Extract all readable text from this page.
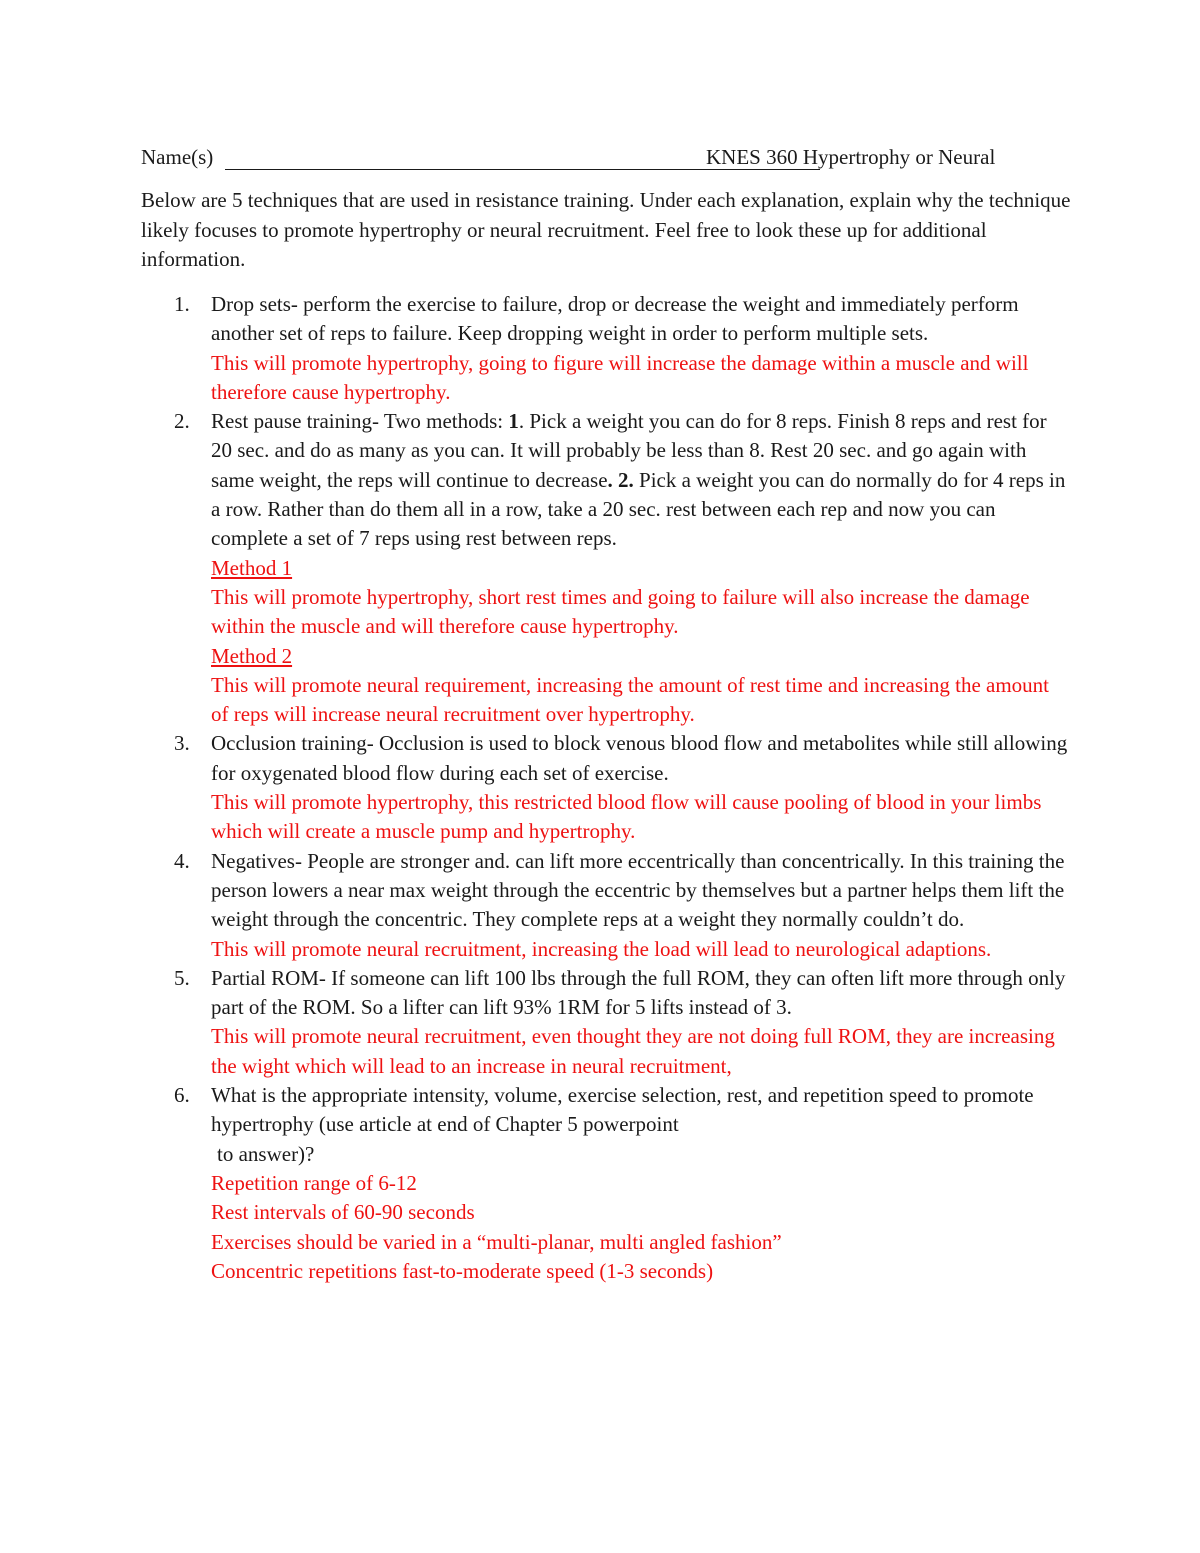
Name(s)	KNES 360 Hypertrophy or Neural

Below are 5 techniques that are used in resistance training. Under each explanation, explain why the technique likely focuses to promote hypertrophy or neural recruitment. Feel free to look these up for additional information.

1. Drop sets- perform the exercise to failure, drop or decrease the weight and immediately perform another set of reps to failure. Keep dropping weight in order to perform multiple sets.
This will promote hypertrophy, going to figure will increase the damage within a muscle and will therefore cause hypertrophy.
2. Rest pause training- Two methods: 1. Pick a weight you can do for 8 reps. Finish 8 reps and rest for 20 sec. and do as many as you can. It will probably be less than 8. Rest 20 sec. and go again with same weight, the reps will continue to decrease. 2. Pick a weight you can do normally do for 4 reps in a row. Rather than do them all in a row, take a 20 sec. rest between each rep and now you can complete a set of 7 reps using rest between reps.
Method 1
This will promote hypertrophy, short rest times and going to failure will also increase the damage within the muscle and will therefore cause hypertrophy.
Method 2
This will promote neural requirement, increasing the amount of rest time and increasing the amount of reps will increase neural recruitment over hypertrophy.
3. Occlusion training- Occlusion is used to block venous blood flow and metabolites while still allowing for oxygenated blood flow during each set of exercise.
This will promote hypertrophy, this restricted blood flow will cause pooling of blood in your limbs which will create a muscle pump and hypertrophy.
4. Negatives- People are stronger and. can lift more eccentrically than concentrically. In this training the person lowers a near max weight through the eccentric by themselves but a partner helps them lift the weight through the concentric. They complete reps at a weight they normally couldn’t do.
This will promote neural recruitment, increasing the load will lead to neurological adaptions.
5. Partial ROM- If someone can lift 100 lbs through the full ROM, they can often lift more through only part of the ROM. So a lifter can lift 93% 1RM for 5 lifts instead of 3.
This will promote neural recruitment, even thought they are not doing full ROM, they are increasing the wight which will lead to an increase in neural recruitment,
6. What is the appropriate intensity, volume, exercise selection, rest, and repetition speed to promote hypertrophy (use article at end of Chapter 5 powerpoint
to answer)?
Repetition range of 6-12
Rest intervals of 60-90 seconds
Exercises should be varied in a “multi-planar, multi angled fashion”
Concentric repetitions fast-to-moderate speed (1-3 seconds)
